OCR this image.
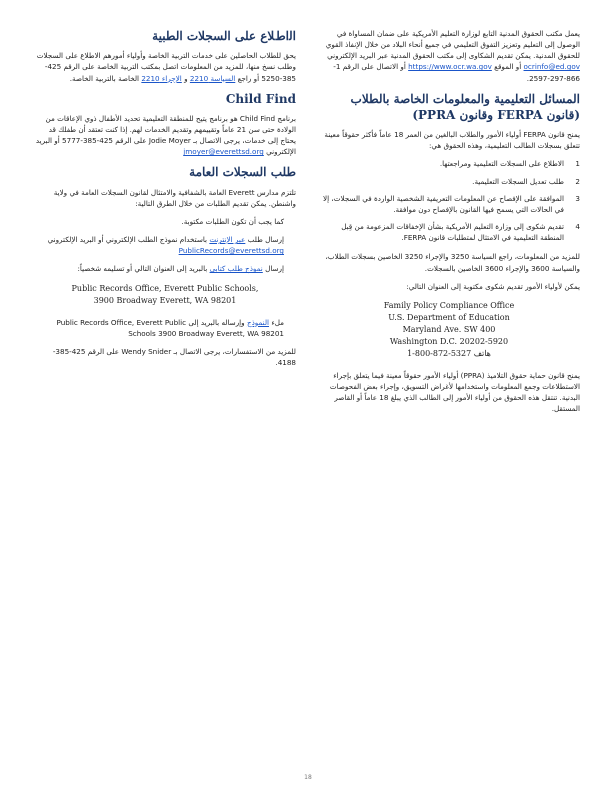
ﺍﻟﺍﻁﻼﻉ ﻋﻠﻰ ﺍﻟﺴﺠﻼﺕ ﺍﻟﻄﺒﻴﺔ

ﻳﺤﻖ ﻟﻠﻄﻼﺏ ﺍﻟﺤﺎﺻﻠﻴﻦ ﻋﻠﻰ ﺧﺪﻣﺎﺕ ﺍﻟﺘﺮﺑﻴﺔ ﺍﻟﺨﺎﺻﺔ ﻭﺃﻭﻟﻴﺎﺀ ﺃﻣﻮﺭﻫﻢ ﺍﻻﻃﻼﻉ ﻋﻠﻰ ﺍﻟﺴﺠﻼﺕ ﻭﻃﻠﺐ ﻧﺴﺦ ﻣﻨﻬﺎ، ﻟﻠﻤﺰﻳﺪ ﻣﻦ ﺍﻟﻤﻌﻠﻮﻣﺎﺕ ﺍﺗﺼﻞ ﺑﻤﻜﺘﺐ ﺍﻟﺘﺮﺑﻴﺔ ﺍﻟﺨﺎﺻﺔ ﻋﻠﻰ ﺍﻟﺮﻗﻢ 425-385-5250 ﺃﻭ ﺭﺍﺟﻊ ﺍﻟﺴﻴﺎﺳﺔ 2210 ﻭ ﺍﻹﺟﺮﺍﺀ 2210 ﺍﻟﺨﺎﺻﺔ ﺑﺎﻟﺘﺮﺑﻴﺔ ﺍﻟﺨﺎﺻﺔ.

Child Find

ﺑﺮﻧﺎﻣﺞ Child Find ﻫﻮ ﺑﺮﻧﺎﻣﺞ ﻳﺘﻴﺢ ﻟﻠﻤﻨﻄﻘﺔ ﺍﻟﺘﻌﻠﻴﻤﻴﺔ ﺗﺤﺪﻳﺪ ﺍﻷﻃﻔﺎﻝ ﺫﻭﻱ ﺍﻹﻋﺎﻗﺎﺕ ﻣﻦ ﺍﻟﻮﻻﺩﺓ ﺣﺘﻰ ﺳﻦ 21 ﻋﺎﻣﺎً ﻭﺗﻘﻴﻴﻤﻬﻢ ﻭﺗﻘﺪﻳﻢ ﺍﻟﺨﺪﻣﺎﺕ ﻟﻬﻢ. ﺇﺫﺍ ﻛﻨﺖ ﺗﻌﺘﻘﺪ ﺃﻥ ﻃﻔﻠﻚ ﻗﺪ ﻳﺤﺘﺎﺝ ﺇﻟﻰ ﺧﺪﻣﺎﺕ، ﻳﺮﺟﻰ ﺍﻻﺗﺼﺎﻝ ﺑـ Jodie Moyer ﻋﻠﻰ ﺍﻟﺮﻗﻢ 425-385-5777 ﺃﻭ ﺍﻟﺒﺮﻳﺪ ﺍﻹﻟﻜﺘﺮﻭﻧﻲ jmoyer@everettsd.org

ﻃﻠﺐ ﺍﻟﺴﺠﻼﺕ ﺍﻟﻌﺎﻣﺔ

ﺗﻠﺘﺰﻡ ﻣﺪﺍﺭﺱ Everett ﺍﻟﻌﺎﻣﺔ ﺑﺎﻟﺸﻔﺎﻓﻴﺔ ﻭﺍﻻﻣﺘﺜﺎﻝ ﻟﻘﺎﻧﻮﻥ ﺍﻟﺴﺠﻼﺕ ﺍﻟﻌﺎﻣﺔ ﻓﻲ ﻭﻻﻳﺔ ﻭﺍﺷﻨﻄﻦ. ﻳﻤﻜﻦ ﺗﻘﺪﻳﻢ ﺍﻟﻄﻠﺒﺎﺕ ﻣﻦ ﺧﻼﻝ ﺍﻟﻄﺮﻕ ﺍﻟﺘﺎﻟﻴﺔ:

ﻛﻤﺎ ﻳﺠﺐ ﺃﻥ ﺗﻜﻮﻥ ﺍﻟﻄﻠﺒﺎﺕ ﻣﻜﺘﻮﺑﺔ.

ﺇﺭﺳﺎﻝ ﻃﻠﺐ ﻋﺒﺮ ﺍﻹﻧﺘﺮﻧﺖ ﺑﺎﺳﺘﺨﺪﺍﻡ ﻧﻤﻮﺫﺝ ﺍﻟﻄﻠﺐ ﺍﻹﻟﻜﺘﺮﻭﻧﻲ ﺃﻭ ﺍﻟﺒﺮﻳﺪ ﺍﻹﻟﻜﺘﺮﻭﻧﻲ PublicRecords@everettsd.org

ﺇﺭﺳﺎﻝ ﻧﻤﻮﺫﺝ ﻃﻠﺐ ﻛﺘﺎﺑﻲ ﺑﺎﻟﺒﺮﻳﺪ ﺇﻟﻰ ﺍﻟﻌﻨﻮﺍﻥ ﺍﻟﺘﺎﻟﻲ ﺃﻭ ﺗﺴﻠﻴﻤﻪ ﺷﺨﺼﻴﺎً:

Public Records Office, Everett Public Schools,
3900 Broadway Everett, WA 98201

ﻣﻞﺀ ﺍﻟﻨﻤﻮﺫﺝ ﻭﺇﺭﺳﺎﻟﻪ ﺑﺎﻟﺒﺮﻳﺪ ﺇﻟﻰ Public Records Office, Everett Public Schools 3900 Broadway Everett, WA 98201

ﻟﻠﻤﺰﻳﺪ ﻣﻦ ﺍﻻﺳﺘﻔﺴﺎﺭﺍﺕ، ﻳﺮﺟﻰ ﺍﻻﺗﺼﺎﻝ ﺑـ Wendy Snider ﻋﻠﻰ ﺍﻟﺮﻗﻢ 425-385-4188.

ﻳﻌﻤﻞ ﻣﻜﺘﺐ ﺍﻟﺤﻘﻮﻕ ﺍﻟﻤﺪﻧﻴﺔ ﺍﻟﺘﺎﺑﻊ ﻟﻮﺯﺍﺭﺓ ﺍﻟﺘﻌﻠﻴﻢ ﺍﻷﻣﺮﻳﻜﻴﺔ ﻋﻠﻰ ﺿﻤﺎﻥ ﺍﻟﻤﺴﺎﻭﺍﺓ ﻓﻲ ﺍﻟﻮﺻﻮﻝ ﺇﻟﻰ ﺍﻟﺘﻌﻠﻴﻢ ﻭﺗﻌﺰﻳﺰ ﺍﻟﺘﻔﻮﻕ ﺍﻟﺘﻌﻠﻴﻤﻲ ﻓﻲ ﺟﻤﻴﻊ ﺃﻧﺤﺎﺀ ﺍﻟﺒﻼﺩ ﻣﻦ ﺧﻼﻝ ﺍﻹﻧﻔﺎﺫ ﺍﻟﻘﻮﻱ ﻟﻠﺤﻘﻮﻕ ﺍﻟﻤﺪﻧﻴﺔ. ﻳﻤﻜﻦ ﺗﻘﺪﻳﻢ ﺍﻟﺸﻜﺎﻭﻯ ﺇﻟﻰ ﻣﻜﺘﺐ ﺍﻟﺤﻘﻮﻕ ﺍﻟﻤﺪﻧﻴﺔ ﻋﺒﺮ ﺍﻟﺒﺮﻳﺪ ﺍﻹﻟﻜﺘﺮﻭﻧﻲ ocrinfo@ed.gov ﺃﻭ ﺍﻟﻤﻮﻗﻊ https://www.ocr.wa.gov ﺃﻭ ﺍﻻﺗﺼﺎﻝ ﻋﻠﻰ ﺍﻟﺮﻗﻢ 1-866-297-2597.

ﺍﻟﻤﺴﺎﺋﻞ ﺍﻟﺘﻌﻠﻴﻤﻴﺔ ﻭﺍﻟﻤﻌﻠﻮﻣﺎﺕ ﺍﻟﺨﺎﺻﺔ ﺑﺎﻟﻄﻼﺏ (ﻗﺎﻧﻮﻥ FERPA ﻭﻗﺎﻧﻮﻥ PPRA)

ﻳﻤﻨﺢ ﻗﺎﻧﻮﻥ FERPA ﺃﻭﻟﻴﺎﺀ ﺍﻷﻣﻮﺭ ﻭﺍﻟﻄﻼﺏ ﺍﻟﺒﺎﻟﻐﻴﻦ ﻣﻦ ﺍﻟﻌﻤﺮ 18 ﻋﺎﻣﺎً ﻓﺄﻛﺜﺮ ﺣﻘﻮﻗﺎً ﻣﻌﻴﻨﺔ ﺗﺘﻌﻠﻖ ﺑﺴﺠﻼﺕ ﺍﻟﻄﺎﻟﺐ ﺍﻟﺘﻌﻠﻴﻤﻴﺔ، ﻭﻫﺬﻩ ﺍﻟﺤﻘﻮﻕ ﻫﻲ:

1
ﺍﻻﻃﻼﻉ ﻋﻠﻰ ﺍﻟﺴﺠﻼﺕ ﺍﻟﺘﻌﻠﻴﻤﻴﺔ ﻭﻣﺮﺍﺟﻌﺘﻬﺎ.
2
ﻃﻠﺐ ﺗﻌﺪﻳﻞ ﺍﻟﺴﺠﻼﺕ ﺍﻟﺘﻌﻠﻴﻤﻴﺔ.
3
ﺍﻟﻤﻮﺍﻓﻘﺔ ﻋﻠﻰ ﺍﻹﻓﺼﺎﺡ ﻋﻦ ﺍﻟﻤﻌﻠﻮﻣﺎﺕ ﺍﻟﺘﻌﺮﻳﻔﻴﺔ ﺍﻟﺸﺨﺼﻴﺔ ﺍﻟﻮﺍﺭﺩﺓ ﻓﻲ ﺍﻟﺴﺠﻼﺕ، ﺇﻻ ﻓﻲ ﺍﻟﺤﺎﻻﺕ ﺍﻟﺘﻲ ﻳﺴﻤﺢ ﻓﻴﻬﺎ ﺍﻟﻘﺎﻧﻮﻥ ﺑﺎﻹﻓﺼﺎﺡ ﺩﻭﻥ ﻣﻮﺍﻓﻘﺔ.
4
ﺗﻘﺪﻳﻢ ﺷﻜﻮﻯ ﺇﻟﻰ ﻭﺯﺍﺭﺓ ﺍﻟﺘﻌﻠﻴﻢ ﺍﻷﻣﺮﻳﻜﻴﺔ ﺑﺸﺄﻥ ﺍﻹﺧﻔﺎﻗﺎﺕ ﺍﻟﻤﺰﻋﻮﻣﺔ ﻣﻦ ﻗِﺒﻞ ﺍﻟﻤﻨﻄﻘﺔ ﺍﻟﺘﻌﻠﻴﻤﻴﺔ ﻓﻲ ﺍﻻﻣﺘﺜﺎﻝ ﻟﻤﺘﻄﻠﺒﺎﺕ ﻗﺎﻧﻮﻥ FERPA.

ﻟﻠﻤﺰﻳﺪ ﻣﻦ ﺍﻟﻤﻌﻠﻮﻣﺎﺕ، ﺭﺍﺟﻊ ﺍﻟﺴﻴﺎﺳﺔ 3250 ﻭﺍﻹﺟﺮﺍﺀ 3250 ﺍﻟﺨﺎﺻﻴﻦ ﺑﺴﺠﻼﺕ ﺍﻟﻄﻼﺏ، ﻭﺍﻟﺴﻴﺎﺳﺔ 3600 ﻭﺍﻹﺟﺮﺍﺀ 3600 ﺍﻟﺨﺎﺻﻴﻦ ﺑﺎﻟﺴﺠﻼﺕ.

ﻳﻤﻜﻦ ﻷﻭﻟﻴﺎﺀ ﺍﻷﻣﻮﺭ ﺗﻘﺪﻳﻢ ﺷﻜﻮﻯ ﻣﻜﺘﻮﺑﺔ ﺇﻟﻰ ﺍﻟﻌﻨﻮﺍﻥ ﺍﻟﺘﺎﻟﻲ:

Family Policy Compliance Office
U.S. Department of Education
Maryland Ave. SW 400
Washington D.C. 20202-5920
1-800-872-5327 ﻫﺎﺗﻒ

ﻳﻤﻨﺢ ﻗﺎﻧﻮﻥ ﺣﻤﺎﻳﺔ ﺣﻘﻮﻕ ﺍﻟﺘﻼﻣﻴﺬ (PPRA) ﺃﻭﻟﻴﺎﺀ ﺍﻷﻣﻮﺭ ﺣﻘﻮﻗﺎً ﻣﻌﻴﻨﺔ ﻓﻴﻤﺎ ﻳﺘﻌﻠﻖ ﺑﺈﺟﺮﺍﺀ ﺍﻻﺳﺘﻄﻼﻋﺎﺕ ﻭﺟﻤﻊ ﺍﻟﻤﻌﻠﻮﻣﺎﺕ ﻭﺍﺳﺘﺨﺪﺍﻣﻬﺎ ﻷﻏﺮﺍﺽ ﺍﻟﺘﺴﻮﻳﻖ، ﻭﺇﺟﺮﺍﺀ ﺑﻌﺾ ﺍﻟﻔﺤﻮﺻﺎﺕ ﺍﻟﺒﺪﻧﻴﺔ. ﺗﻨﺘﻘﻞ ﻫﺬﻩ ﺍﻟﺤﻘﻮﻕ ﻣﻦ ﺃﻭﻟﻴﺎﺀ ﺍﻷﻣﻮﺭ ﺇﻟﻰ ﺍﻟﻄﺎﻟﺐ ﺍﻟﺬﻱ ﻳﺒﻠﻎ 18 ﻋﺎﻣﺎً ﺃﻭ ﺍﻟﻘﺎﺻﺮ ﺍﻟﻤﺴﺘﻘﻞ.

18
